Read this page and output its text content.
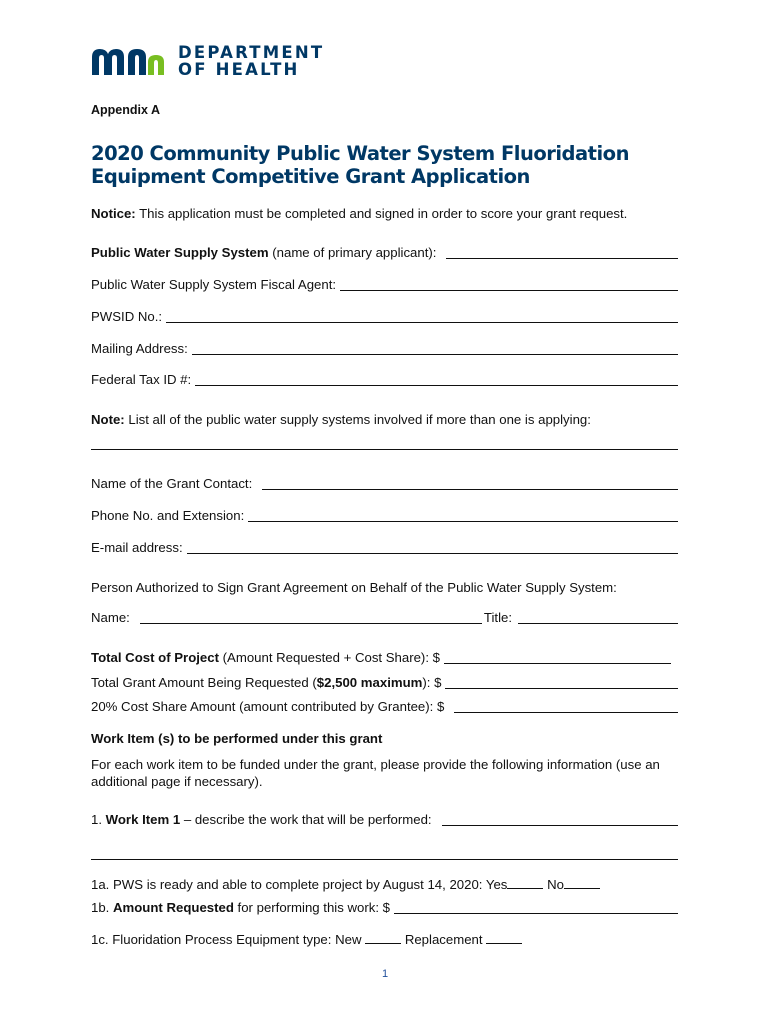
DEPARTMENT
OF HEALTH
Appendix A
2020 Community Public Water System Fluoridation Equipment Competitive Grant Application
Notice: This application must be completed and signed in order to score your grant request.
Public Water Supply System (name of primary applicant):
Public Water Supply System Fiscal Agent:
PWSID No.:
Mailing Address:
Federal Tax ID #:
Note: List all of the public water supply systems involved if more than one is applying:
Name of the Grant Contact:
Phone No. and Extension:
E-mail address:
Person Authorized to Sign Grant Agreement on Behalf of the Public Water Supply System:
Name:	Title:
Total Cost of Project (Amount Requested + Cost Share): $
Total Grant Amount Being Requested ($2,500 maximum): $
20% Cost Share Amount (amount contributed by Grantee): $
Work Item (s) to be performed under this grant
For each work item to be funded under the grant, please provide the following information (use an additional page if necessary).
1. Work Item 1 – describe the work that will be performed:
1a. PWS is ready and able to complete project by August 14, 2020: Yes	No
1b. Amount Requested for performing this work: $
1c. Fluoridation Process Equipment type: New	Replacement
1
